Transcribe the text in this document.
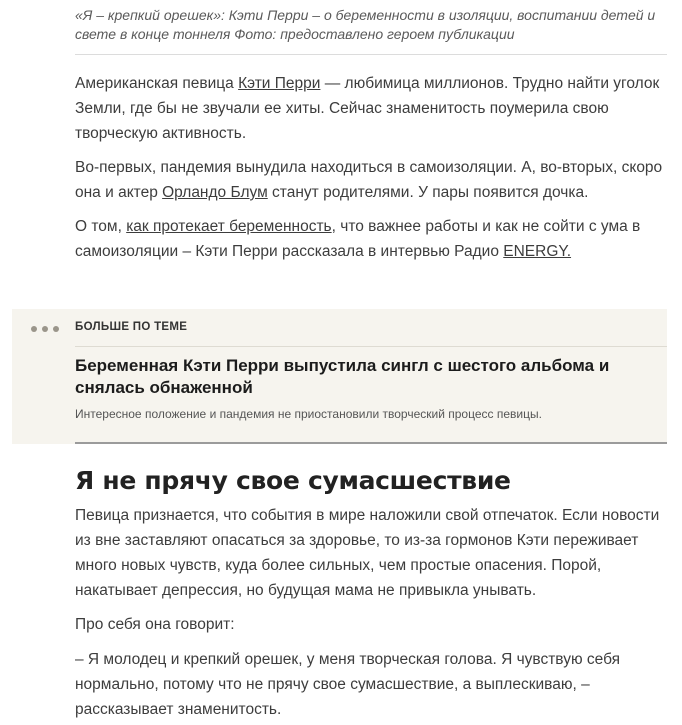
«Я – крепкий орешек»: Кэти Перри – о беременности в изоляции, воспитании детей и свете в конце тоннеля Фото: предоставлено героем публикации

Американская певица Кэти Перри — любимица миллионов. Трудно найти уголок Земли, где бы не звучали ее хиты. Сейчас знаменитость поумерила свою творческую активность.

Во-первых, пандемия вынудила находиться в самоизоляции. А, во-вторых, скоро она и актер Орландо Блум станут родителями. У пары появится дочка.

О том, как протекает беременность, что важнее работы и как не сойти с ума в самоизоляции – Кэти Перри рассказала в интервью Радио ENERGY.

БОЛЬШЕ ПО ТЕМЕ
Беременная Кэти Перри выпустила сингл с шестого альбома и снялась обнаженной
Интересное положение и пандемия не приостановили творческий процесс певицы.
Я не прячу свое сумасшествие

Певица признается, что события в мире наложили свой отпечаток. Если новости из вне заставляют опасаться за здоровье, то из-за гормонов Кэти переживает много новых чувств, куда более сильных, чем простые опасения. Порой, накатывает депрессия, но будущая мама не привыкла унывать.

Про себя она говорит:

– Я молодец и крепкий орешек, у меня творческая голова. Я чувствую себя нормально, потому что не прячу свое сумасшествие, а выплескиваю, – рассказывает знаменитость.
